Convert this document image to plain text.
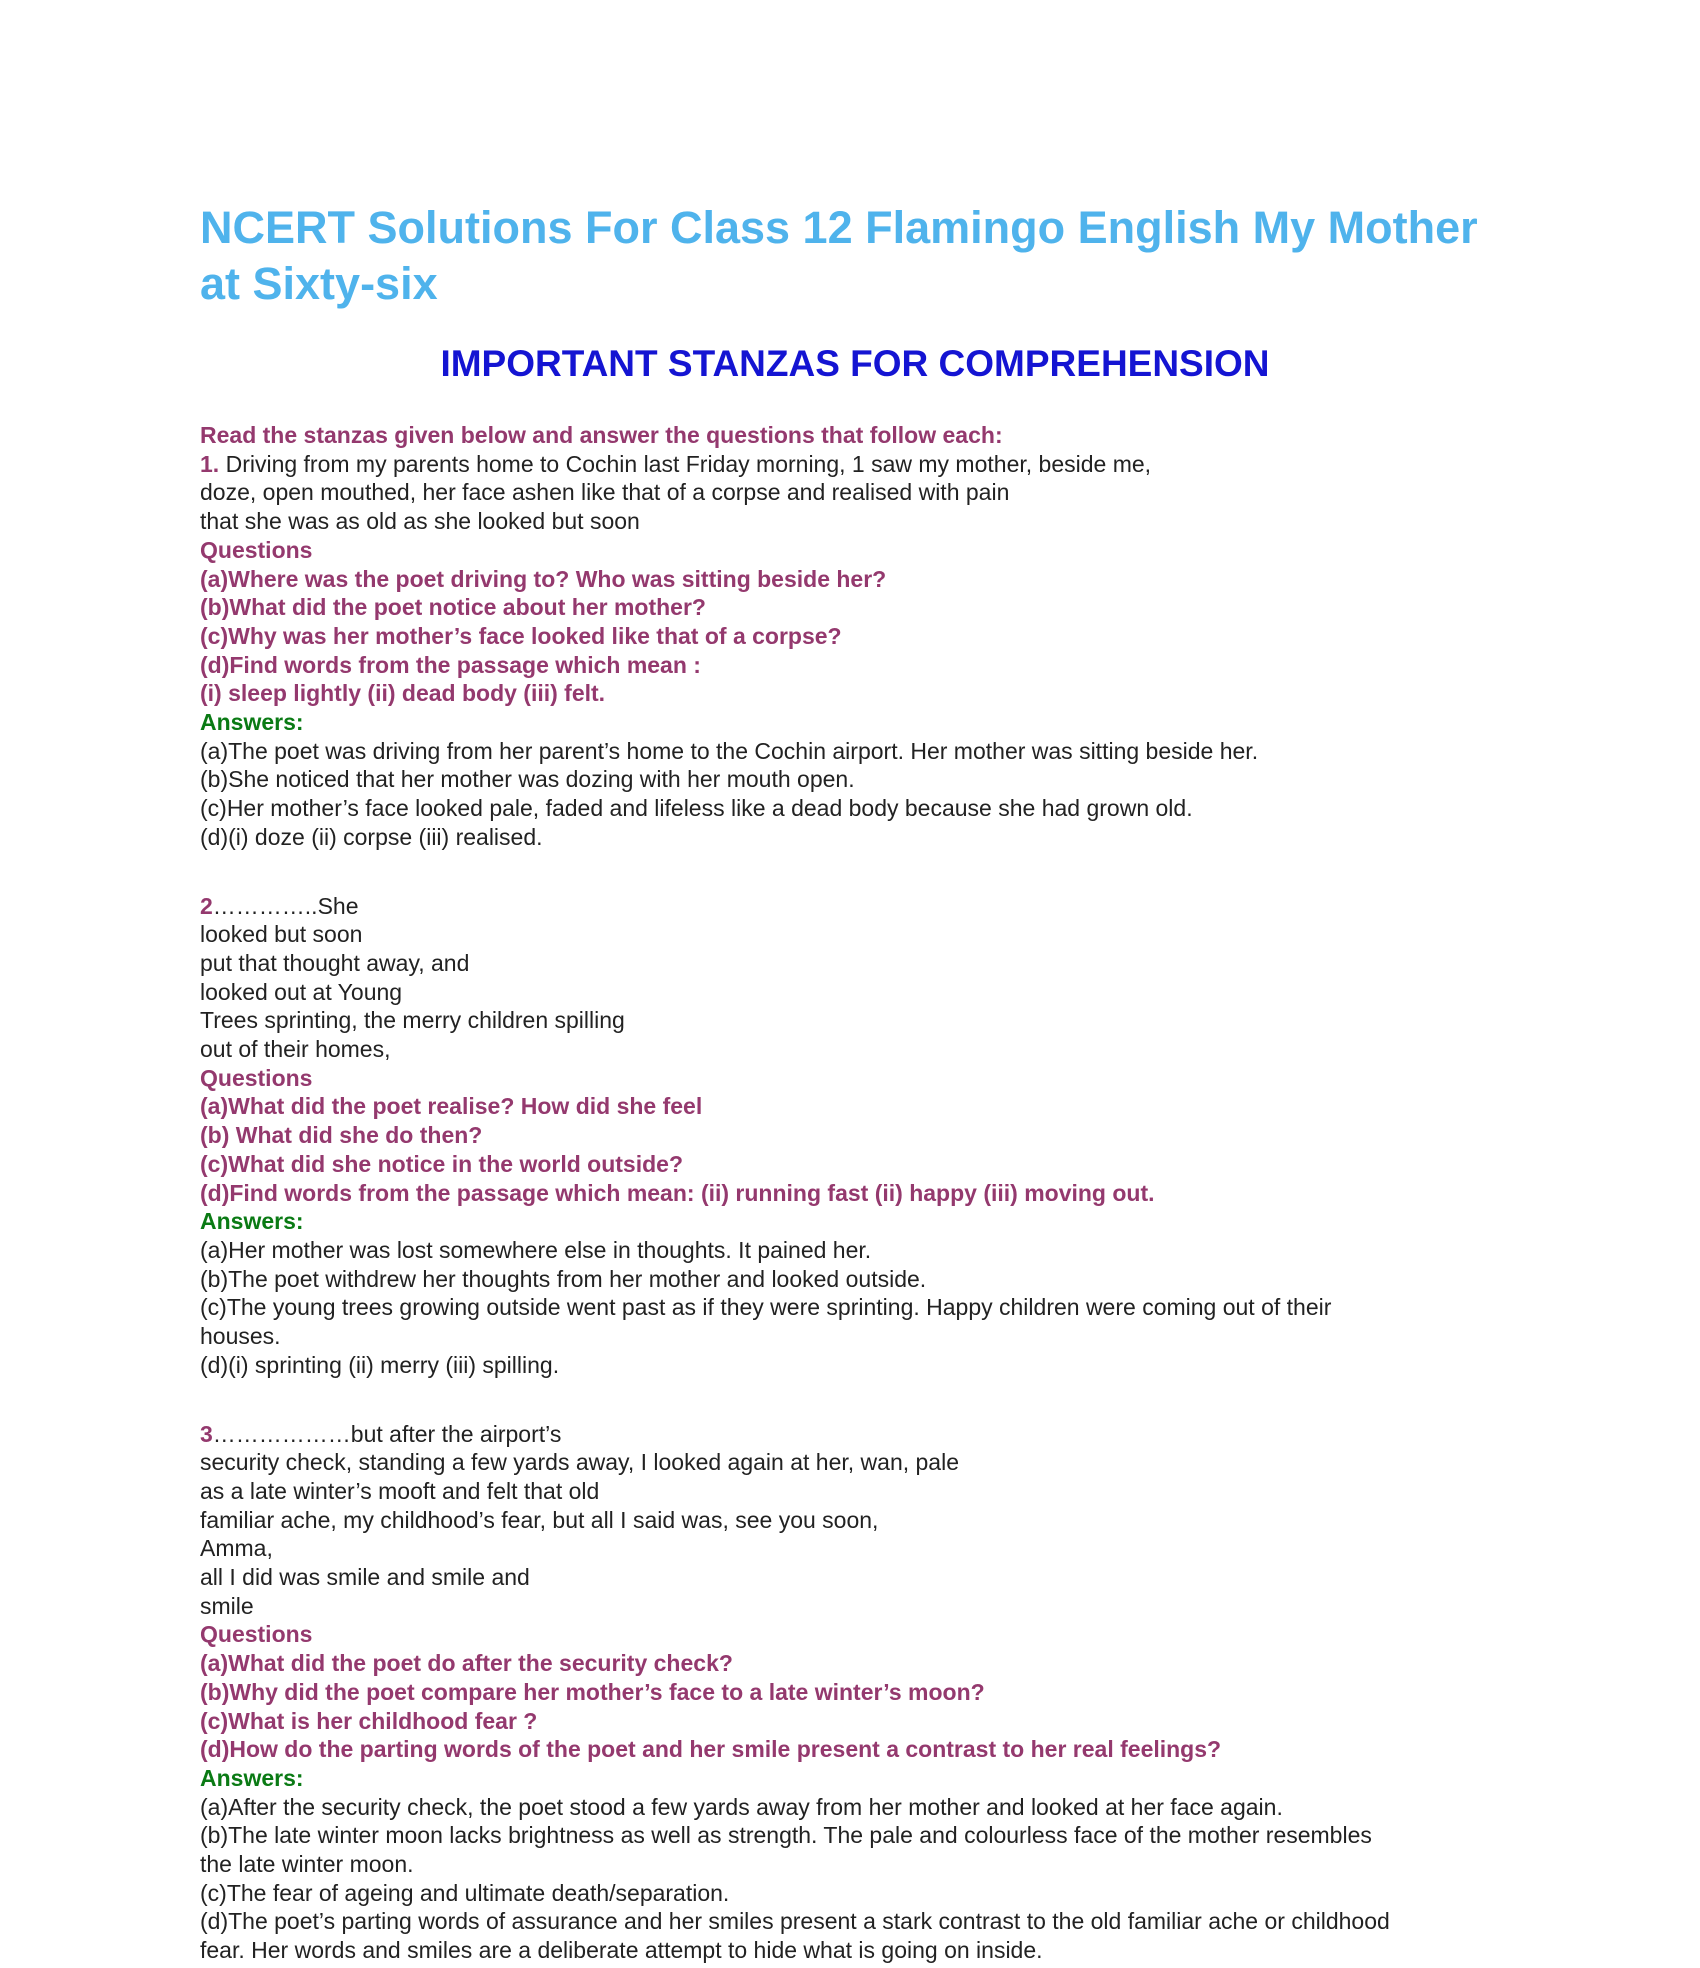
NCERT Solutions For Class 12 Flamingo English My Mother at Sixty-six
IMPORTANT STANZAS FOR COMPREHENSION
Read the stanzas given below and answer the questions that follow each:
1. Driving from my parents home to Cochin last Friday morning, 1 saw my mother, beside me,
doze, open mouthed, her face ashen like that of a corpse and realised with pain
that she was as old as she looked but soon
Questions
(a)Where was the poet driving to? Who was sitting beside her?
(b)What did the poet notice about her mother?
(c)Why was her mother’s face looked like that of a corpse?
(d)Find words from the passage which mean :
(i) sleep lightly (ii) dead body (iii) felt.
Answers:
(a)The poet was driving from her parent’s home to the Cochin airport. Her mother was sitting beside her.
(b)She noticed that her mother was dozing with her mouth open.
(c)Her mother’s face looked pale, faded and lifeless like a dead body because she had grown old.
(d)(i) doze (ii) corpse (iii) realised.
2…………..She
looked but soon
put that thought away, and
looked out at Young
Trees sprinting, the merry children spilling
out of their homes,
Questions
(a)What did the poet realise? How did she feel
(b) What did she do then?
(c)What did she notice in the world outside?
(d)Find words from the passage which mean: (ii) running fast (ii) happy (iii) moving out.
Answers:
(a)Her mother was lost somewhere else in thoughts. It pained her.
(b)The poet withdrew her thoughts from her mother and looked outside.
(c)The young trees growing outside went past as if they were sprinting. Happy children were coming out of their
houses.
(d)(i) sprinting (ii) merry (iii) spilling.
3………………but after the airport’s
security check, standing a few yards away, I looked again at her, wan, pale
as a late winter’s mooft and felt that old
familiar ache, my childhood’s fear, but all I said was, see you soon,
Amma,
all I did was smile and smile and
smile
Questions
(a)What did the poet do after the security check?
(b)Why did the poet compare her mother’s face to a late winter’s moon?
(c)What is her childhood fear ?
(d)How do the parting words of the poet and her smile present a contrast to her real feelings?
Answers:
(a)After the security check, the poet stood a few yards away from her mother and looked at her face again.
(b)The late winter moon lacks brightness as well as strength. The pale and colourless face of the mother resembles
the late winter moon.
(c)The fear of ageing and ultimate death/separation.
(d)The poet’s parting words of assurance and her smiles present a stark contrast to the old familiar ache or childhood
fear. Her words and smiles are a deliberate attempt to hide what is going on inside.
